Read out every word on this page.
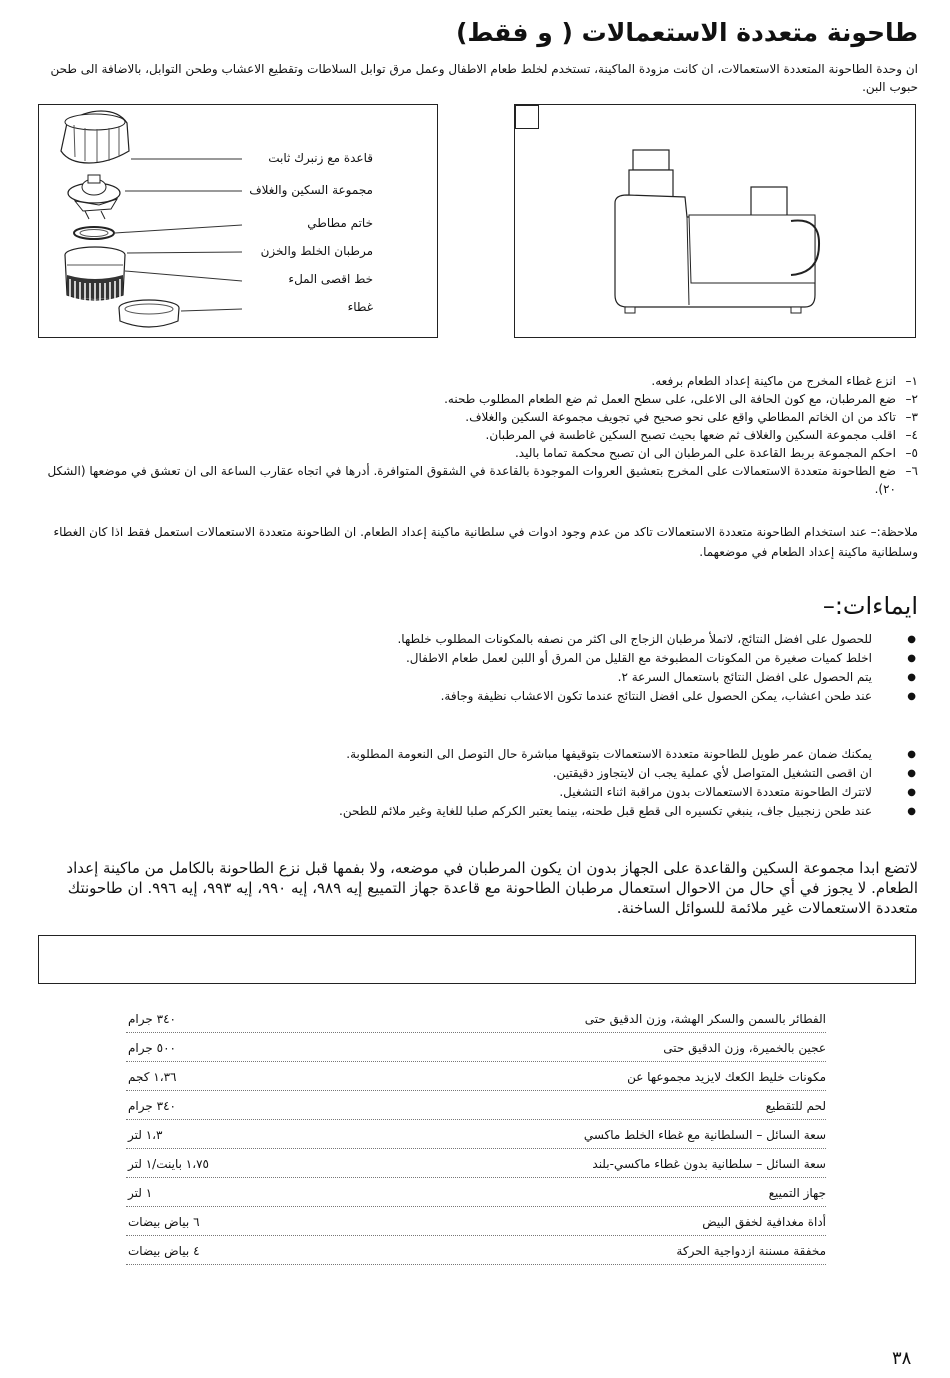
طاحونة متعددة الاستعمالات ( و فقط)
ان وحدة الطاحونة المتعددة الاستعمالات، ان كانت مزودة الماكينة، تستخدم لخلط طعام الاطفال وعمل مرق توابل السلاطات وتقطيع الاعشاب وطحن التوابل، بالاضافة الى طحن حبوب البن.
قاعدة مع زنبرك ثابت
مجموعة السكين والغلاف
خاتم مطاطي
مرطبان الخلط والخزن
خط اقصى الملء
غطاء
١–
انزع غطاء المخرج من ماكينة إعداد الطعام برفعه.
٢–
ضع المرطبان، مع كون الحافة الى الاعلى، على سطح العمل ثم ضع الطعام المطلوب طحنه.
٣–
تاكد من ان الخاتم المطاطي واقع على نحو صحيح في تجويف مجموعة السكين والغلاف.
٤–
اقلب مجموعة السكين والغلاف ثم ضعها بحيث تصبح السكين غاطسة في المرطبان.
٥–
احكم المجموعة بربط القاعدة على المرطبان الى ان تصبح محكمة تماما باليد.
٦–
ضع الطاحونة متعددة الاستعمالات على المخرج بتعشيق العروات الموجودة بالقاعدة في الشقوق المتوافرة. أدرها في اتجاه عقارب الساعة الى ان تعشق في موضعها (الشكل ٢٠).
ملاحظة:– عند استخدام الطاحونة متعددة الاستعمالات تاكد من عدم وجود ادوات في سلطانية ماكينة إعداد الطعام. ان الطاحونة متعددة الاستعمالات استعمل فقط اذا كان الغطاء وسلطانية ماكينة إعداد الطعام في موضعهما.
ايماءات:–
●
للحصول على افضل النتائج، لاتملأ مرطبان الزجاج الى اكثر من نصفه بالمكونات المطلوب خلطها.
●
اخلط كميات صغيرة من المكونات المطبوخة مع القليل من المرق أو اللبن لعمل طعام الاطفال.
●
يتم الحصول على افضل النتائج باستعمال السرعة ٢.
●
عند طحن اعشاب، يمكن الحصول على افضل النتائج عندما تكون الاعشاب نظيفة وجافة.
●
يمكنك ضمان عمر طويل للطاحونة متعددة الاستعمالات بتوقيفها مباشرة حال التوصل الى النعومة المطلوبة.
●
ان اقصى التشغيل المتواصل لأي عملية يجب ان لايتجاوز دقيقتين.
●
لاتترك الطاحونة متعددة الاستعمالات بدون مراقبة اثناء التشغيل.
●
عند طحن زنجبيل جاف، ينبغي تكسيره الى قطع قبل طحنه، بينما يعتبر الكركم صلبا للغاية وغير ملائم للطحن.
لاتضع ابدا مجموعة السكين والقاعدة على الجهاز بدون ان يكون المرطبان في موضعه، ولا بفمها قبل نزع الطاحونة بالكامل من ماكينة إعداد الطعام. لا يجوز في أي حال من الاحوال استعمال مرطبان الطاحونة مع قاعدة جهاز التمييع إيه ٩٨٩، إيه ٩٩٠، إيه ٩٩٣، إيه ٩٩٦. ان طاحونتك متعددة الاستعمالات غير ملائمة للسوائل الساخنة.
الفطائر بالسمن والسكر الهشة، وزن الدقيق حتى
٣٤٠ جرام
عجين بالخميرة، وزن الدقيق حتى
٥٠٠ جرام
مكونات خليط الكعك لايزيد مجموعها عن
١،٣٦ كجم
لحم للتقطيع
٣٤٠ جرام
سعة السائل – السلطانية مع غطاء الخلط ماكسي
١،٣ لتر
سعة السائل – سلطانية بدون غطاء ماكسي-بلند
١،٧٥ باينت/١ لتر
جهاز التمييع
١ لتر
أداة مغدافية لخفق البيض
٦ بياض بيضات
مخفقة مسننة ازدواجية الحركة
٤ بياض بيضات
٣٨
